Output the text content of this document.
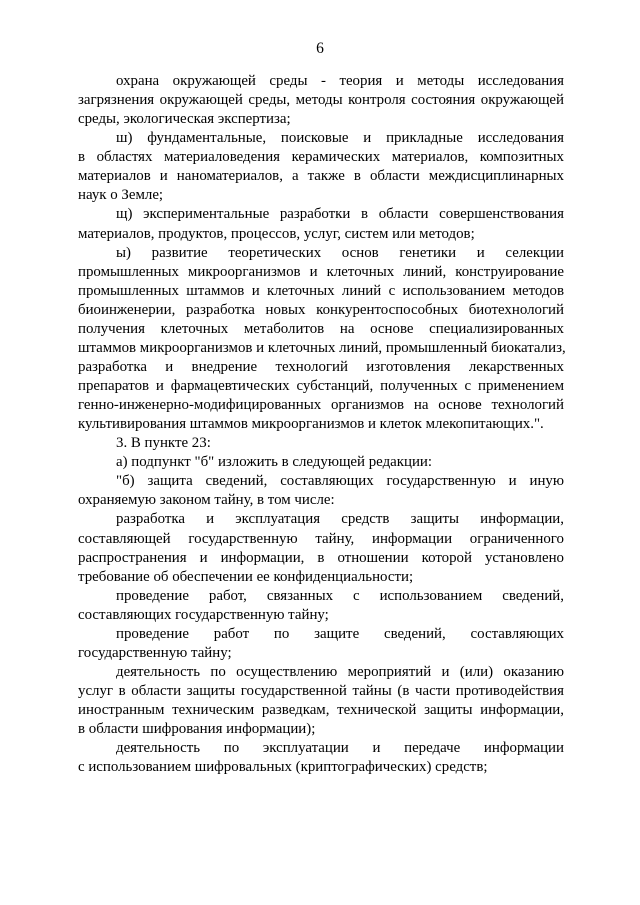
6
охрана окружающей среды - теория и методы исследования
загрязнения окружающей среды, методы контроля состояния окружающей
среды, экологическая экспертиза;
ш) фундаментальные, поисковые и прикладные исследования
в областях материаловедения керамических материалов, композитных
материалов и наноматериалов, а также в области междисциплинарных
наук о Земле;
щ) экспериментальные разработки в области совершенствования
материалов, продуктов, процессов, услуг, систем или методов;
ы) развитие теоретических основ генетики и селекции
промышленных микроорганизмов и клеточных линий, конструирование
промышленных штаммов и клеточных линий с использованием методов
биоинженерии, разработка новых конкурентоспособных биотехнологий
получения клеточных метаболитов на основе специализированных
штаммов микроорганизмов и клеточных линий, промышленный биокатализ,
разработка и внедрение технологий изготовления лекарственных
препаратов и фармацевтических субстанций, полученных с применением
генно-инженерно-модифицированных организмов на основе технологий
культивирования штаммов микроорганизмов и клеток млекопитающих.".
3. В пункте 23:
а) подпункт "б" изложить в следующей редакции:
"б) защита сведений, составляющих государственную и иную
охраняемую законом тайну, в том числе:
разработка и эксплуатация средств защиты информации,
составляющей государственную тайну, информации ограниченного
распространения и информации, в отношении которой установлено
требование об обеспечении ее конфиденциальности;
проведение работ, связанных с использованием сведений,
составляющих государственную тайну;
проведение работ по защите сведений, составляющих
государственную тайну;
деятельность по осуществлению мероприятий и (или) оказанию
услуг в области защиты государственной тайны (в части противодействия
иностранным техническим разведкам, технической защиты информации,
в области шифрования информации);
деятельность по эксплуатации и передаче информации
с использованием шифровальных (криптографических) средств;
